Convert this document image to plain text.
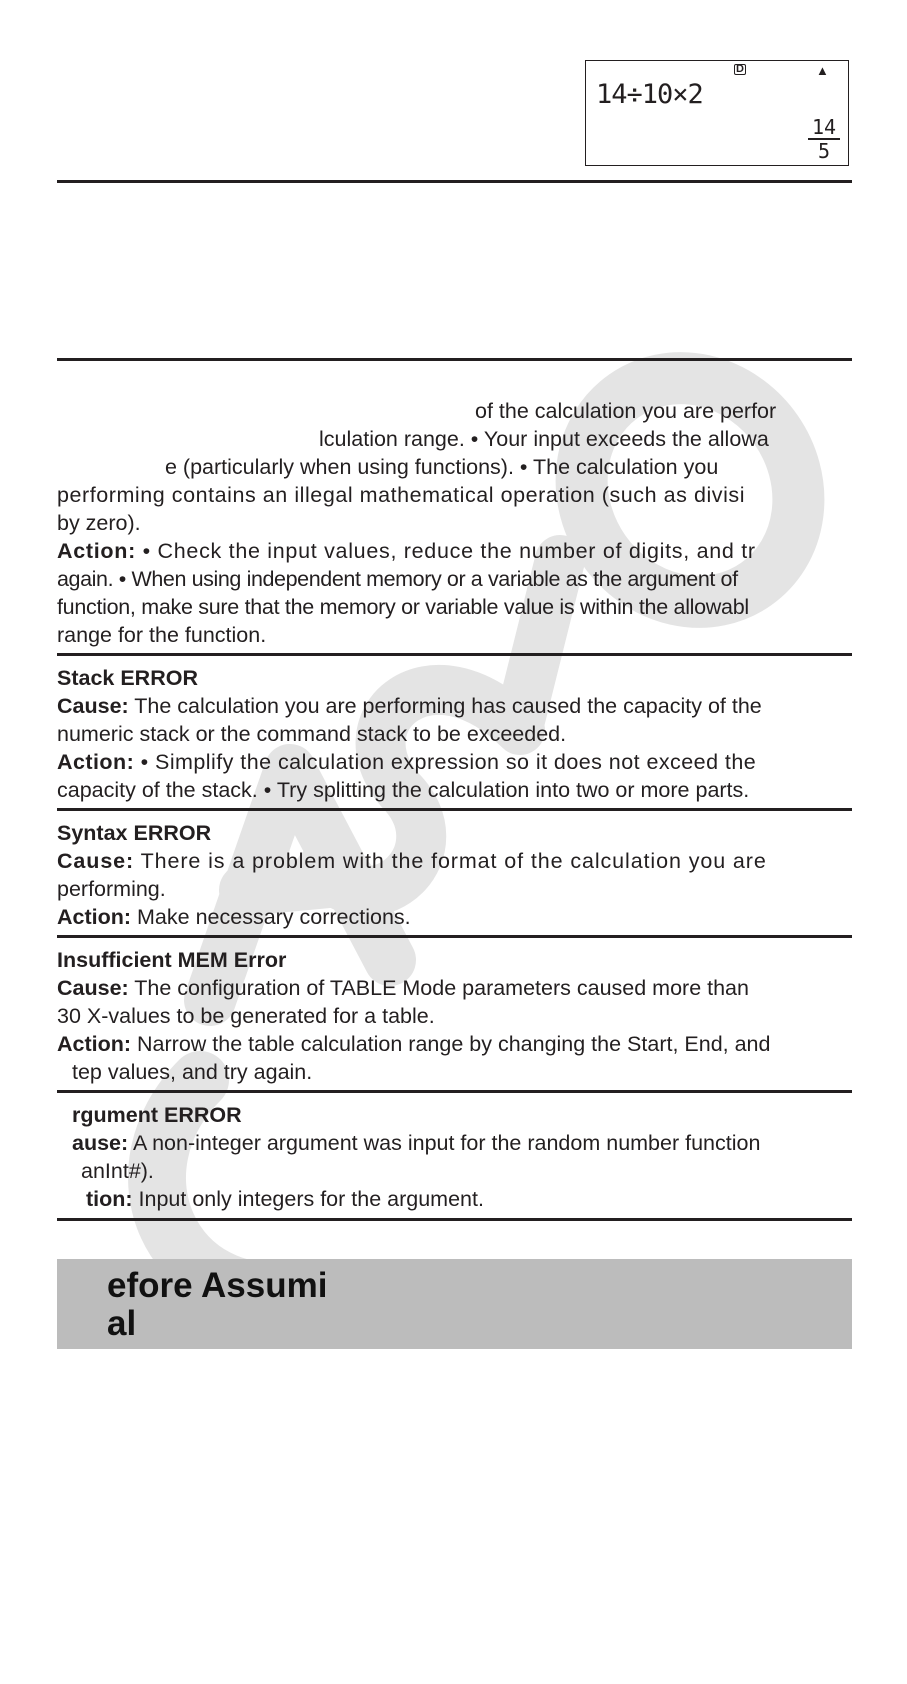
D	▲
14÷10×2
$\frac{14}{5}$

of the calculation you are perfor

lculation range. • Your input exceeds the allowa

e (particularly when using functions). • The calculation you

performing contains an illegal mathematical operation (such as divisi

by zero).

Action: • Check the input values, reduce the number of digits, and tr

again. • When using independent memory or a variable as the argument of

function, make sure that the memory or variable value is within the allowabl

range for the function.

Stack ERROR

Cause: The calculation you are performing has caused the capacity of the

numeric stack or the command stack to be exceeded.

Action: • Simplify the calculation expression so it does not exceed the

capacity of the stack. • Try splitting the calculation into two or more parts.

Syntax ERROR

Cause: There is a problem with the format of the calculation you are

performing.

Action: Make necessary corrections.

Insufficient MEM Error

Cause: The configuration of TABLE Mode parameters caused more than

30 X-values to be generated for a table.

Action: Narrow the table calculation range by changing the Start, End, and

tep values, and try again.

rgument ERROR

ause: A non-integer argument was input for the random number function

anInt#).

tion: Input only integers for the argument.

efore Assumi
al
